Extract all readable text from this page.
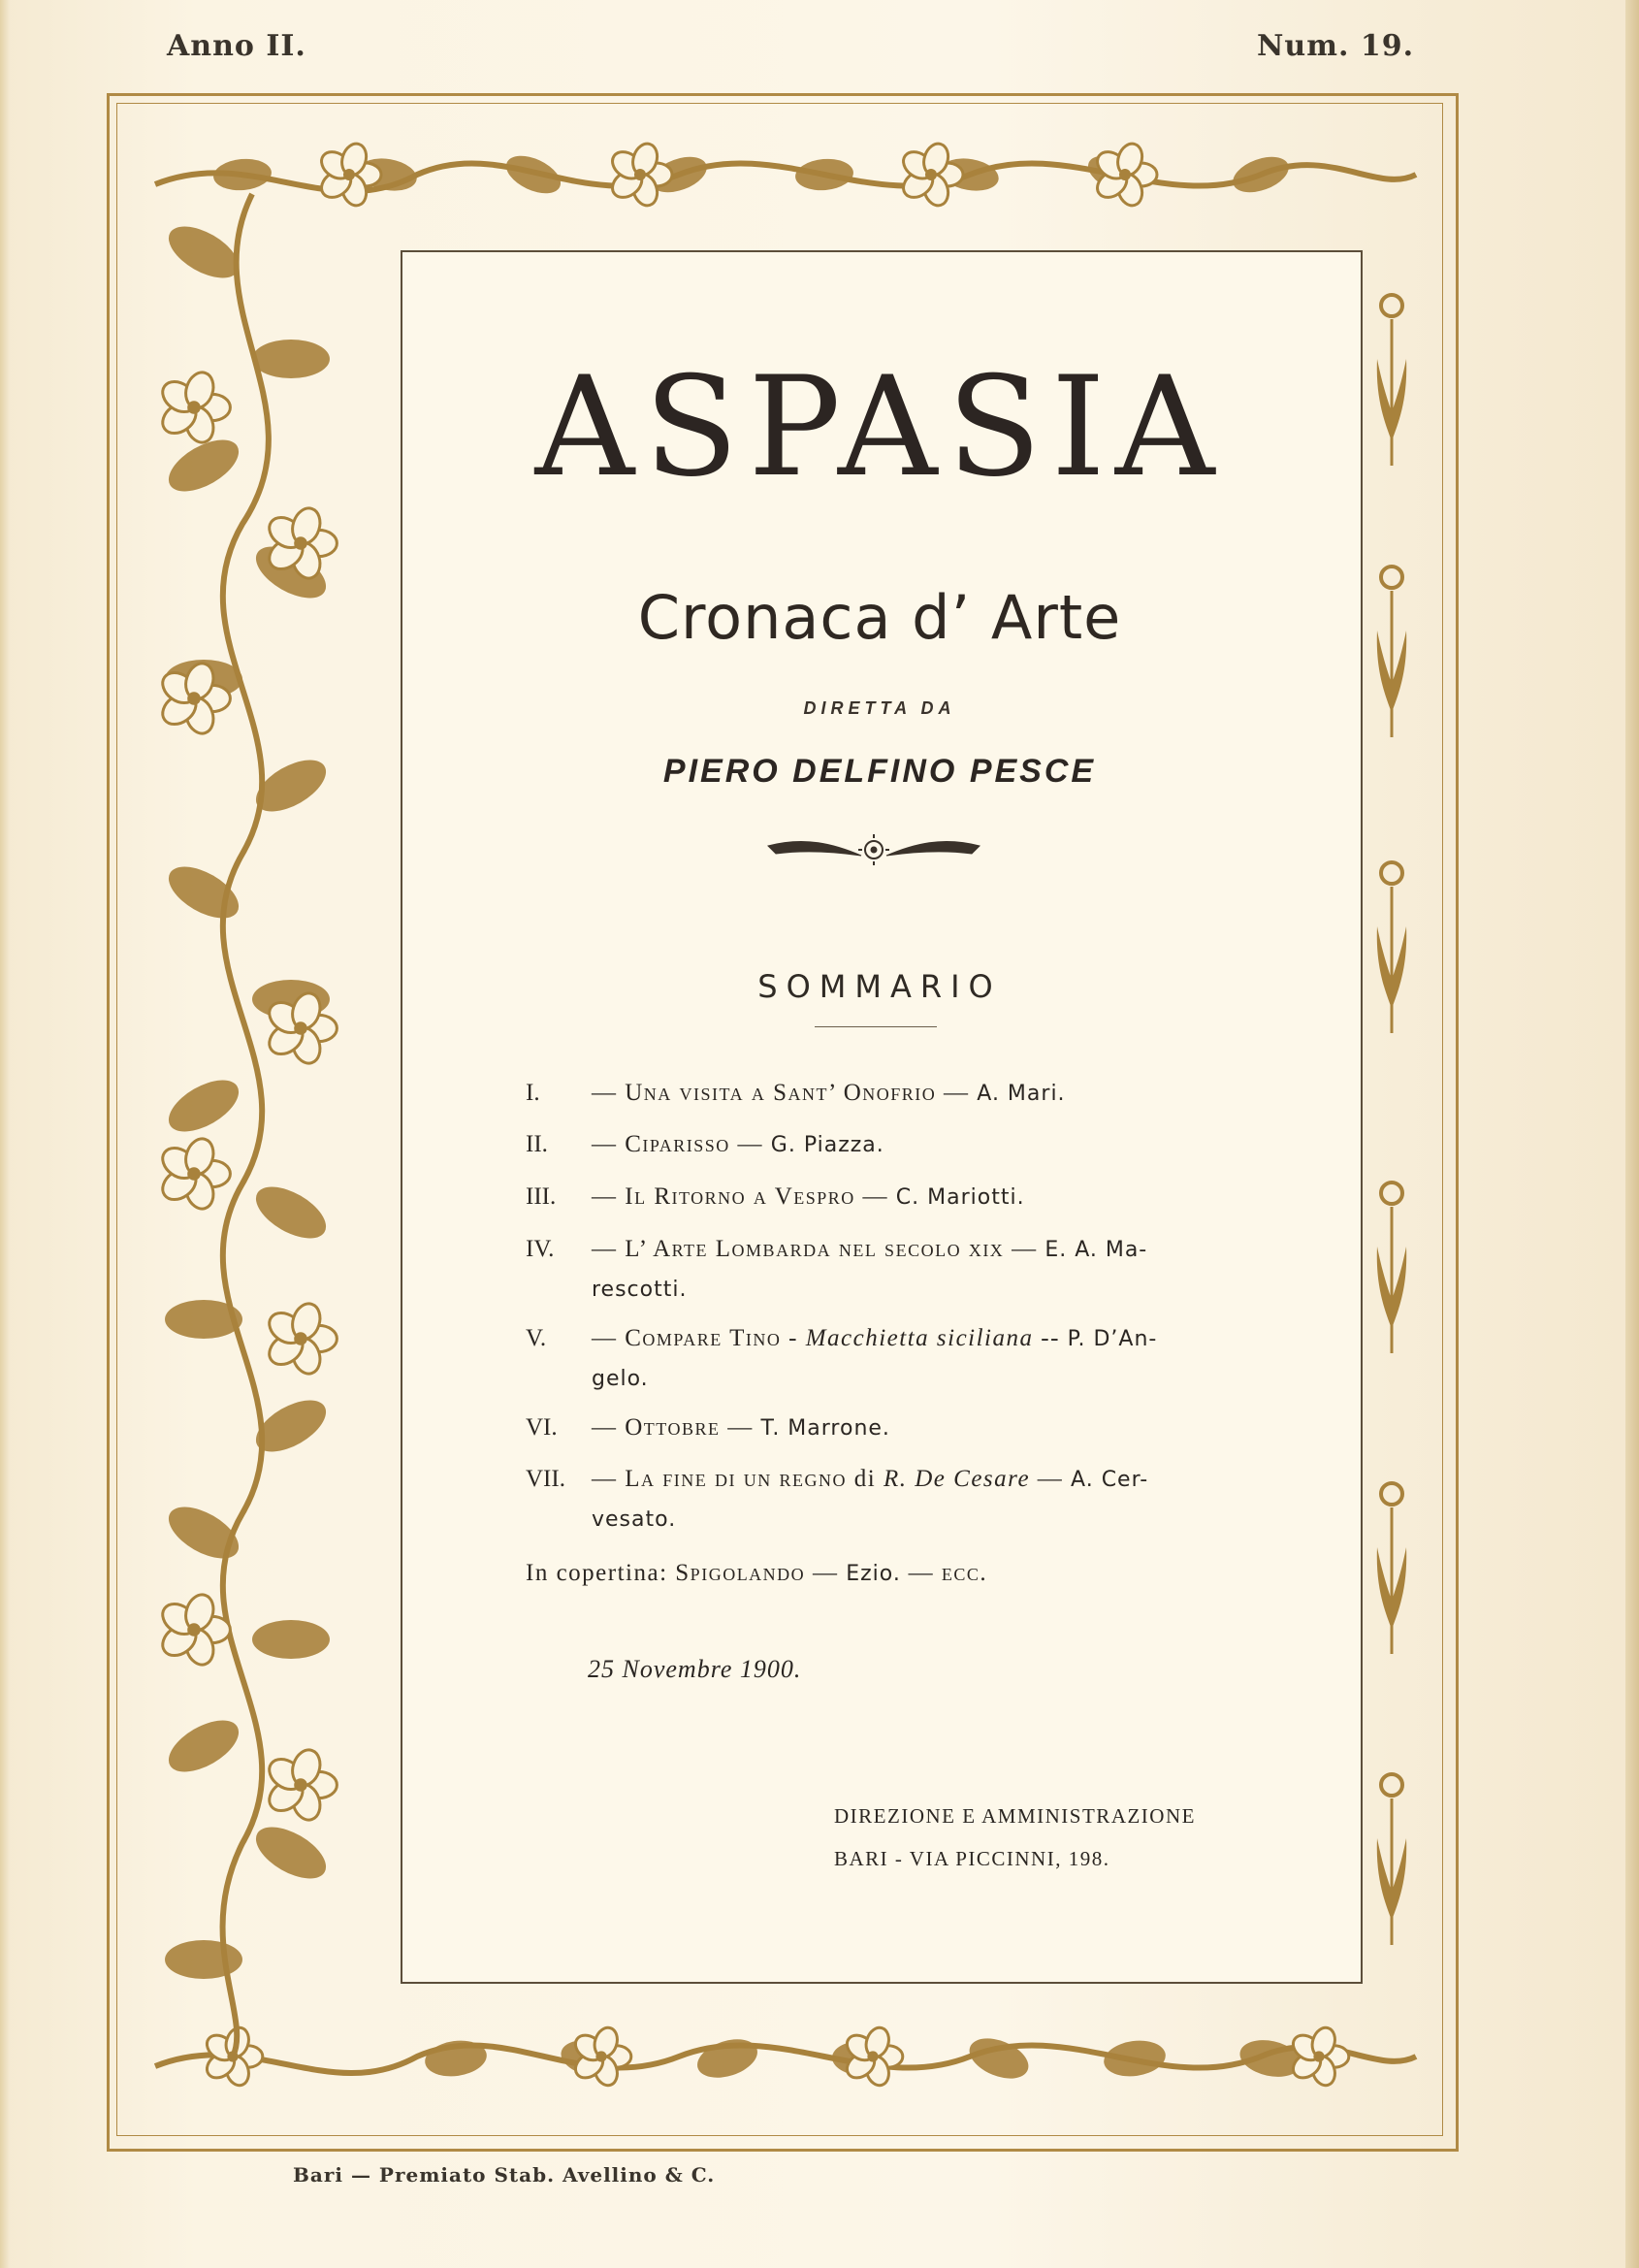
Anno II.	Num. 19.
ASPASIA
Cronaca d’ Arte
DIRETTA DA
PIERO DELFINO PESCE
SOMMARIO
I.	— Una visita a Sant’ Onofrio — A. Mari.
II.	— Ciparisso — G. Piazza.
III.	— Il Ritorno a Vespro — C. Mariotti.
IV.	— L’ Arte Lombarda nel secolo xix — E. A. Ma-
rescotti.
V.	— Compare Tino - Macchietta siciliana -- P. D’An-
gelo.
VI.	— Ottobre — T. Marrone.
VII.	— La fine di un regno di R. De Cesare — A. Cer-
vesato.
In copertina: Spigolando — Ezio. — ecc.
25 Novembre 1900.
DIREZIONE E AMMINISTRAZIONE
BARI - VIA PICCINNI, 198.
Bari — Premiato Stab. Avellino & C.
